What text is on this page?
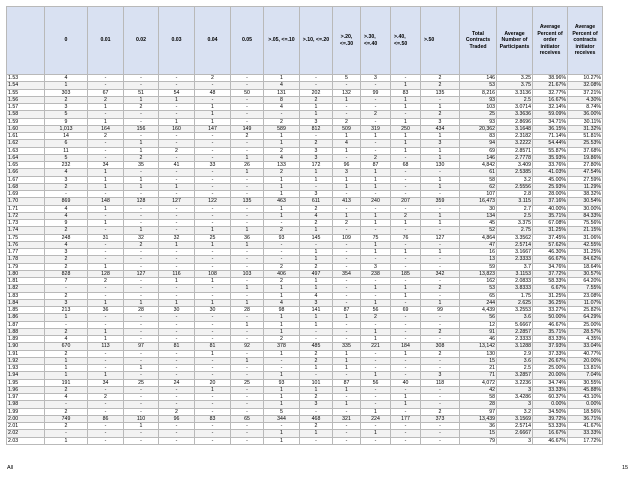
	0	0.01	0.02	0.03	0.04	0.05	>.05, <=.10	>.10, <=.20	>.20, <=.30	>.30, <=.40	>.40, <=.50	>.50	Total Contracts Traded	Average Number of Participants	Average Percent of order initiator receives	Average Percent of contracts initiator receives
1.53	4	-	-	-	2	-	1	-	5	3	-	2	146	3.25	38.96%	10.27%
1.54	1	-	-	-	-	-	4	-	-	-	1	2	53	3.75	21.67%	32.08%
1.55	303	67	51	54	48	50	131	202	132	99	83	135	8,216	3.3136	32.77%	37.21%
1.56	2	2	1	1	-	-	8	2	1	-	1	-	93	2.5	16.67%	4.30%
1.57	3	1	2	-	1	-	4	1	-	-	1	1	103	3.0714	32.14%	8.74%
1.58	5	-	-	-	1	-	-	1	-	2	-	2	25	3.3636	59.09%	36.00%
1.59	9	1	-	1	1	-	2	3	2	-	1	3	93	2.8696	34.71%	30.11%
1.60	1,013	164	156	160	147	149	589	812	509	319	250	434	20,362	3.1648	36.15%	31.32%
1.61	14	2	-	-	-	2	1	-	1	1	1	1	83	2.3182	71.14%	51.81%
1.62	6	-	1	-	-	-	1	2	4	-	1	3	94	3.2222	54.44%	25.53%
1.63	11	-	1	2	-	-	2	3	1	-	1	1	69	2.8571	55.87%	37.68%
1.64	5	-	2	-	-	1	4	3	-	2	-	1	146	2.7778	35.93%	19.86%
1.65	232	34	35	41	33	26	133	172	96	87	68	130	4,842	3.409	33.76%	27.80%
1.66	4	1	-	-	-	1	2	1	3	1	-	-	61	2.5385	41.03%	47.54%
1.67	3	1	1	-	-	-	1	1	1	1	-	1	58	3.2	45.00%	27.59%
1.68	2	1	1	1	-	-	1	-	1	1	-	1	62	2.5556	25.93%	11.29%
1.69	-	-	-	-	-	-	1	3	-	-	-	-	107	2.8	28.00%	38.32%
1.70	869	148	128	127	122	135	463	611	413	240	207	359	16,473	3.115	37.16%	30.54%
1.71	4	1	-	-	-	-	1	2	-	-	-	-	30	2.7	40.00%	30.00%
1.72	4	-	-	-	-	-	1	4	1	1	2	1	134	2.5	35.71%	84.33%
1.73	9	1	-	-	-	-	-	2	2	1	1	1	45	3.375	67.08%	75.56%
1.74	2	-	1	-	1	1	2	1	-	-	-	-	52	2.75	31.25%	21.15%
1.75	248	31	32	32	25	36	93	145	109	75	76	127	4,864	3.3562	37.45%	31.06%
1.76	4	-	2	1	1	1	-	-	-	1	-	-	47	2.5714	57.62%	42.55%
1.77	3	-	-	-	-	-	-	1	-	1	1	1	16	3.1667	46.30%	31.25%
1.78	2	-	-	-	-	-	-	1	-	-	-	-	13	2.3333	66.67%	84.62%
1.79	2	1	-	-	-	-	2	2	-	3	-	-	59	3.7	34.76%	18.64%
1.80	828	128	127	116	108	103	406	497	354	238	185	342	13,823	3.1153	37.72%	30.57%
1.81	7	2	-	1	1	-	2	1	-	-	-	-	162	2.0833	58.33%	64.20%
1.82	-	-	-	-	-	1	1	1	-	1	1	2	53	3.8333	6.67%	7.55%
1.83	2	-	-	-	-	-	1	4	-	-	1	-	65	1.75	31.25%	23.08%
1.84	3	1	1	1	1	1	4	3	-	1	-	1	244	2.625	36.25%	11.07%
1.85	213	36	28	30	30	28	98	141	87	56	69	99	4,439	3.2553	33.27%	25.82%
1.86	1	-	-	-	-	-	1	1	1	2	-	-	56	3.6	50.00%	64.29%
1.87	-	-	-	-	-	1	1	1	-	-	-	-	12	5.6667	46.67%	25.00%
1.88	2	1	-	-	-	-	1	-	-	1	-	2	91	2.2857	35.71%	28.57%
1.89	4	1	-	-	-	-	2	-	-	1	-	-	46	2.3333	83.33%	4.35%
1.90	670	113	97	81	81	92	378	485	335	221	184	308	13,142	3.1288	37.93%	33.04%
1.91	2	-	-	-	1	-	1	2	1	-	1	2	130	2.9	37.33%	40.77%
1.92	1	-	-	-	-	1	-	2	1	-	-	-	15	3.6	26.67%	20.00%
1.93	1	-	1	-	-	-	-	1	1	-	-	-	21	2.5	25.00%	13.81%
1.94	1	1	-	-	-	-	1	-	-	1	-	3	71	3.2857	20.00%	7.04%
1.95	191	34	25	24	20	25	93	101	87	56	40	118	4,072	3.2236	34.74%	30.55%
1.96	2	-	-	-	1	-	1	1	1	-	-	-	42	3	33.33%	45.88%
1.97	4	2	-	-	-	-	1	2	-	-	1	-	58	3.4286	60.37%	43.10%
1.98	-	-	-	-	-	-	1	3	1	-	1	-	28	3	0.00%	0.00%
1.99	2	-	-	2	-	-	5	-	-	1	-	2	97	3.2	34.50%	18.56%
2.00	749	86	110	96	83	65	344	468	321	224	177	373	13,439	3.1569	39.72%	36.71%
2.01	2	-	1	-	-	-	-	2	-	-	-	-	36	2.5714	53.33%	41.67%
2.02	-	-	-	-	-	-	1	1	-	1	-	-	15	2.6667	16.67%	33.33%
2.03	1	-	-	-	-	-	1	-	-	-	-	-	79	3	46.67%	17.72%
All	15
